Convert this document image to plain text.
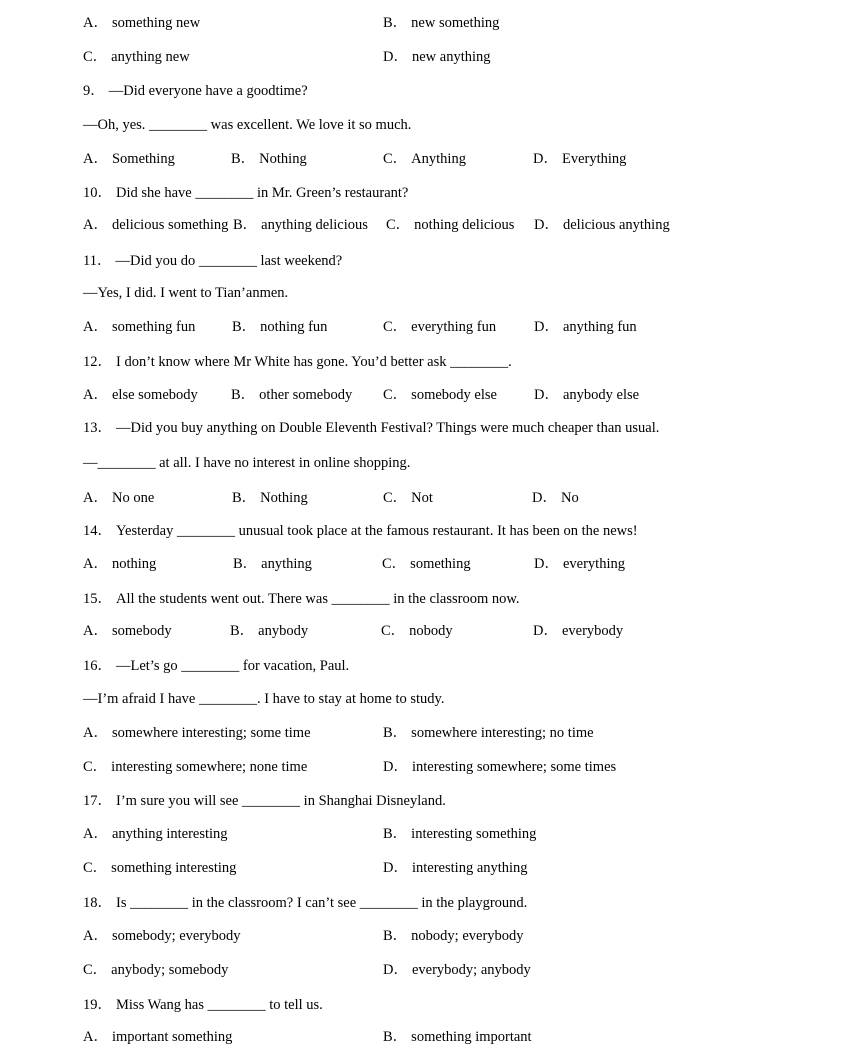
A． something new	B． new something
C． anything new	D． new anything
9． —Did everyone have a goodtime?
—Oh, yes. ________ was excellent. We love it so much.
A． Something	B． Nothing	C． Anything	D． Everything
10． Did she have ________ in Mr. Green’s restaurant?
A． delicious something B． anything delicious C． nothing delicious D． delicious anything
11． —Did you do ________ last weekend?
—Yes, I did. I went to Tian’anmen.
A． something fun	B． nothing fun	C． everything fun	D． anything fun
12． I don’t know where Mr White has gone. You’d better ask ________.
A． else somebody B． other somebody C． somebody else	D． anybody else
13． —Did you buy anything on Double Eleventh Festival? Things were much cheaper than usual.
—________ at all. I have no interest in online shopping.
A． No one	B． Nothing	C． Not	D． No
14． Yesterday ________ unusual took place at the famous restaurant. It has been on the news!
A． nothing	B． anything	C． something	D． everything
15． All the students went out. There was ________ in the classroom now.
A． somebody	B． anybody	C． nobody	D． everybody
16． —Let’s go ________ for vacation, Paul.
—I’m afraid I have ________. I have to stay at home to study.
A． somewhere interesting; some time	B． somewhere interesting; no time
C． interesting somewhere; none time	D． interesting somewhere; some times
17． I’m sure you will see ________ in Shanghai Disneyland.
A． anything interesting	B． interesting something
C． something interesting	D． interesting anything
18． Is ________ in the classroom? I can’t see ________ in the playground.
A． somebody; everybody	B． nobody; everybody
C． anybody; somebody	D． everybody; anybody
19． Miss Wang has ________ to tell us.
A． important something	B． something important
